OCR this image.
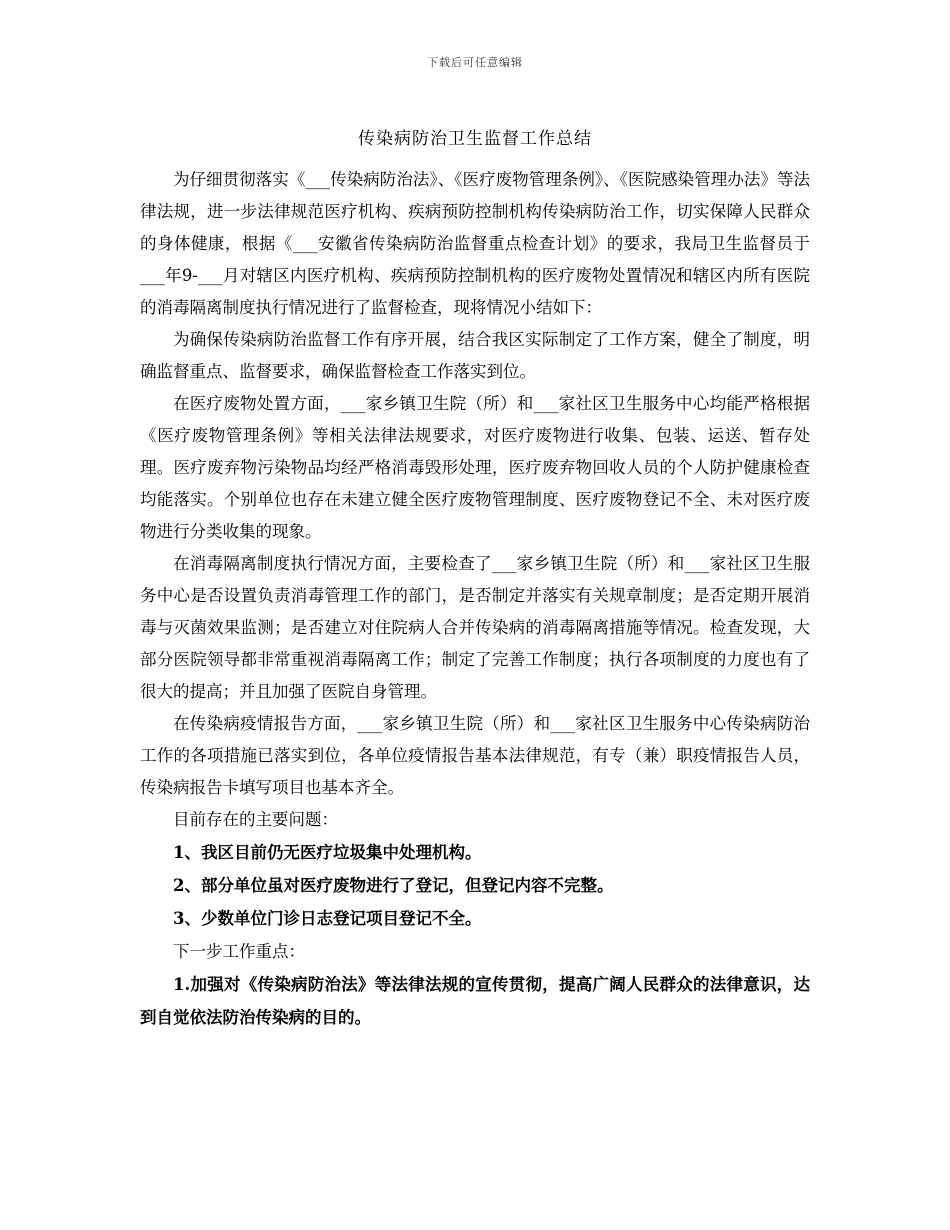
下载后可任意编辑
传染病防治卫生监督工作总结

为仔细贯彻落实《___传染病防治法》、《医疗废物管理条例》、《医院感染管理办法》等法律法规，进一步法律规范医疗机构、疾病预防控制机构传染病防治工作，切实保障人民群众的身体健康，根据《___安徽省传染病防治监督重点检查计划》的要求，我局卫生监督员于___年9-___月对辖区内医疗机构、疾病预防控制机构的医疗废物处置情况和辖区内所有医院的消毒隔离制度执行情况进行了监督检查，现将情况小结如下：

为确保传染病防治监督工作有序开展，结合我区实际制定了工作方案，健全了制度，明确监督重点、监督要求，确保监督检查工作落实到位。

在医疗废物处置方面，___家乡镇卫生院（所）和___家社区卫生服务中心均能严格根据《医疗废物管理条例》等相关法律法规要求，对医疗废物进行收集、包装、运送、暂存处理。医疗废弃物污染物品均经严格消毒毁形处理，医疗废弃物回收人员的个人防护健康检查均能落实。个别单位也存在未建立健全医疗废物管理制度、医疗废物登记不全、未对医疗废物进行分类收集的现象。

在消毒隔离制度执行情况方面，主要检查了___家乡镇卫生院（所）和___家社区卫生服务中心是否设置负责消毒管理工作的部门，是否制定并落实有关规章制度；是否定期开展消毒与灭菌效果监测；是否建立对住院病人合并传染病的消毒隔离措施等情况。检查发现，大部分医院领导都非常重视消毒隔离工作；制定了完善工作制度；执行各项制度的力度也有了很大的提高；并且加强了医院自身管理。

在传染病疫情报告方面，___家乡镇卫生院（所）和___家社区卫生服务中心传染病防治工作的各项措施已落实到位，各单位疫情报告基本法律规范，有专（兼）职疫情报告人员，传染病报告卡填写项目也基本齐全。

目前存在的主要问题：

1、我区目前仍无医疗垃圾集中处理机构。

2、部分单位虽对医疗废物进行了登记，但登记内容不完整。

3、少数单位门诊日志登记项目登记不全。

下一步工作重点：

1.加强对《传染病防治法》等法律法规的宣传贯彻，提高广阔人民群众的法律意识，达到自觉依法防治传染病的目的。
